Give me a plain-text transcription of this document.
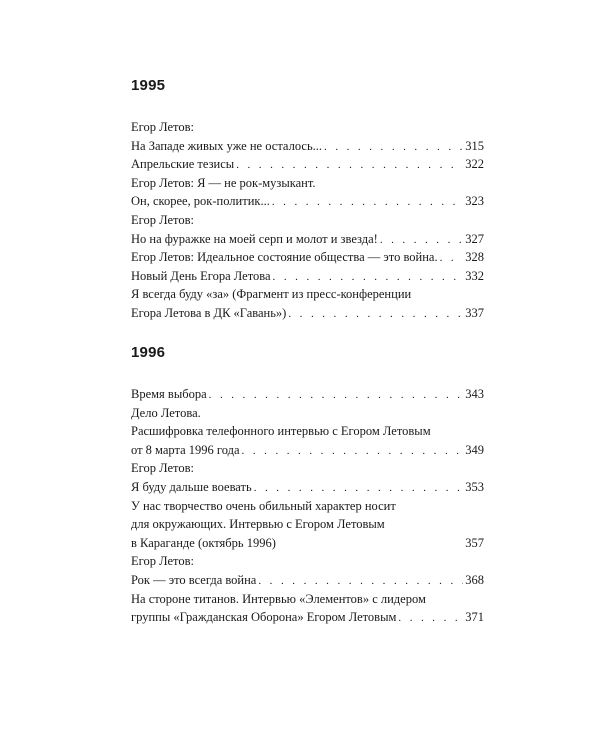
1995
Егор Летов:
На Западе живых уже не осталось... . . .	315
Апрельские тезисы . . .	322
Егор Летов: Я — не рок-музыкант.
Он, скорее, рок-политик... . . .	323
Егор Летов:
Но на фуражке на моей серп и молот и звезда! . . .	327
Егор Летов: Идеальное состояние общества — это война. . . . 328
Новый День Егора Летова . . .	332
Я всегда буду «за» (Фрагмент из пресс-конференции
Егора Летова в ДК «Гавань») . . .	337
1996
Время выбора . . .	343
Дело Летова.
Расшифровка телефонного интервью с Егором Летовым
от 8 марта 1996 года . . .	349
Егор Летов:
Я буду дальше воевать . . .	353
У нас творчество очень обильный характер носит
для окружающих. Интервью с Егором Летовым
в Караганде (октябрь 1996)	357
Егор Летов:
Рок — это всегда война . . .	368
На стороне титанов. Интервью «Элементов» с лидером
группы «Гражданская Оборона» Егором Летовым . . .	371
